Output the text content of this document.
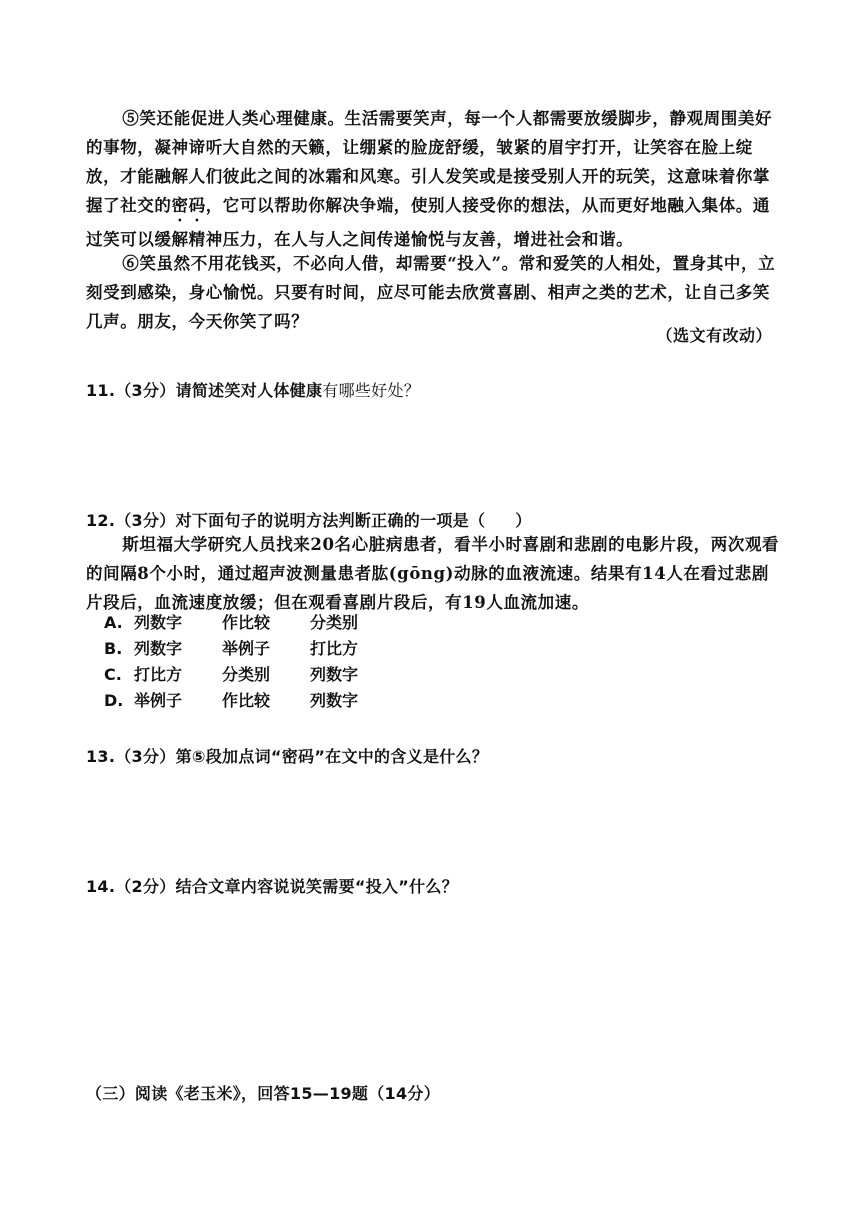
⑤笑还能促进人类心理健康。生活需要笑声，每一个人都需要放缓脚步，静观周围美好的事物，凝神谛听大自然的天籁，让绷紧的脸庞舒缓，皱紧的眉宇打开，让笑容在脸上绽放，才能融解人们彼此之间的冰霜和风寒。引人发笑或是接受别人开的玩笑，这意味着你掌握了社交的密码，它可以帮助你解决争端，使别人接受你的想法，从而更好地融入集体。通过笑可以缓解精神压力，在人与人之间传递愉悦与友善，增进社会和谐。

⑥笑虽然不用花钱买，不必向人借，却需要“投入”。常和爱笑的人相处，置身其中，立刻受到感染，身心愉悦。只要有时间，应尽可能去欣赏喜剧、相声之类的艺术，让自己多笑几声。朋友，今天你笑了吗？

（选文有改动）

11.（3分）请简述笑对人体健康有哪些好处？

12.（3分）对下面句子的说明方法判断正确的一项是（ ）

斯坦福大学研究人员找来20名心脏病患者，看半小时喜剧和悲剧的电影片段，两次观看的间隔8个小时，通过超声波测量患者肱(gōng)动脉的血液流速。结果有14人在看过悲剧片段后，血流速度放缓；但在观看喜剧片段后，有19人血流加速。

A. 列数字 作比较 分类别
B. 列数字 举例子 打比方
C. 打比方 分类别 列数字
D. 举例子 作比较 列数字

13.（3分）第⑤段加点词“密码”在文中的含义是什么？

14.（2分）结合文章内容说说笑需要“投入”什么？

（三）阅读《老玉米》，回答15—19题（14分）
